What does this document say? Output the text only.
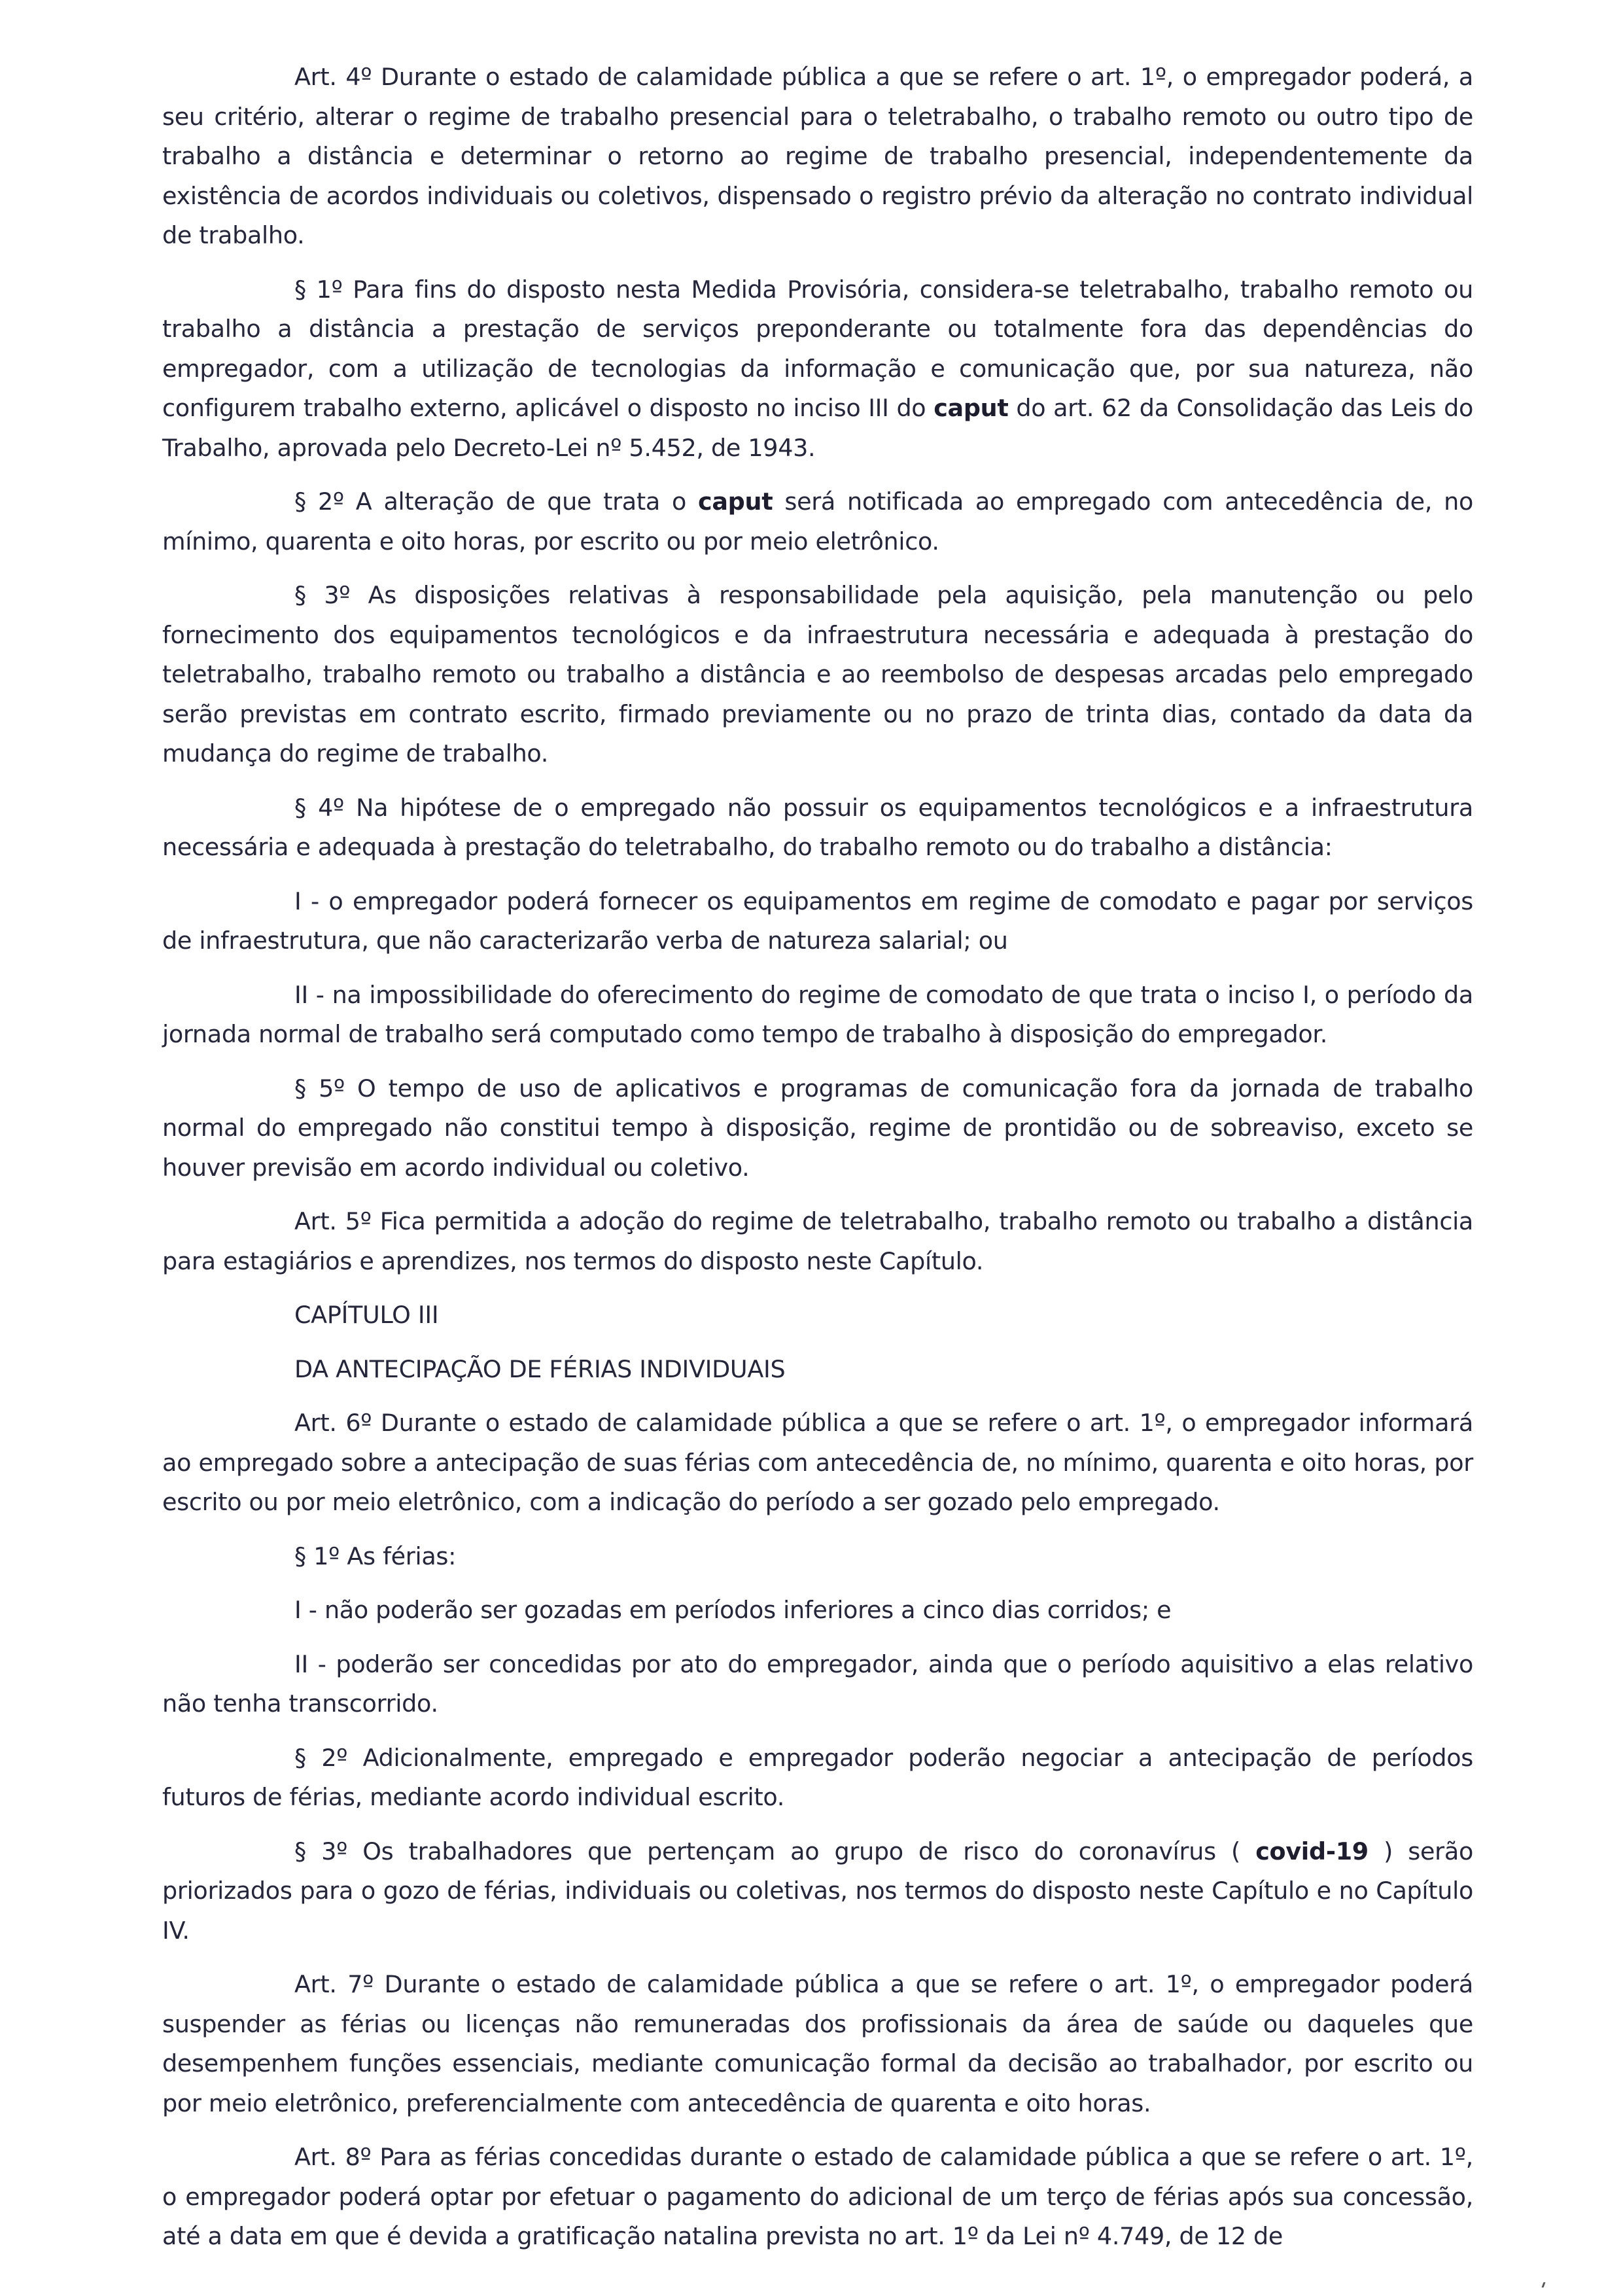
Art. 4º Durante o estado de calamidade pública a que se refere o art. 1º, o empregador poderá, a seu critério, alterar o regime de trabalho presencial para o teletrabalho, o trabalho remoto ou outro tipo de trabalho a distância e determinar o retorno ao regime de trabalho presencial, independentemente da existência de acordos individuais ou coletivos, dispensado o registro prévio da alteração no contrato individual de trabalho.

§ 1º Para fins do disposto nesta Medida Provisória, considera-se teletrabalho, trabalho remoto ou trabalho a distância a prestação de serviços preponderante ou totalmente fora das dependências do empregador, com a utilização de tecnologias da informação e comunicação que, por sua natureza, não configurem trabalho externo, aplicável o disposto no inciso III do caput do art. 62 da Consolidação das Leis do Trabalho, aprovada pelo Decreto-Lei nº 5.452, de 1943.

§ 2º A alteração de que trata o caput será notificada ao empregado com antecedência de, no mínimo, quarenta e oito horas, por escrito ou por meio eletrônico.

§ 3º As disposições relativas à responsabilidade pela aquisição, pela manutenção ou pelo fornecimento dos equipamentos tecnológicos e da infraestrutura necessária e adequada à prestação do teletrabalho, trabalho remoto ou trabalho a distância e ao reembolso de despesas arcadas pelo empregado serão previstas em contrato escrito, firmado previamente ou no prazo de trinta dias, contado da data da mudança do regime de trabalho.

§ 4º Na hipótese de o empregado não possuir os equipamentos tecnológicos e a infraestrutura necessária e adequada à prestação do teletrabalho, do trabalho remoto ou do trabalho a distância:

I - o empregador poderá fornecer os equipamentos em regime de comodato e pagar por serviços de infraestrutura, que não caracterizarão verba de natureza salarial; ou

II - na impossibilidade do oferecimento do regime de comodato de que trata o inciso I, o período da jornada normal de trabalho será computado como tempo de trabalho à disposição do empregador.

§ 5º O tempo de uso de aplicativos e programas de comunicação fora da jornada de trabalho normal do empregado não constitui tempo à disposição, regime de prontidão ou de sobreaviso, exceto se houver previsão em acordo individual ou coletivo.

Art. 5º Fica permitida a adoção do regime de teletrabalho, trabalho remoto ou trabalho a distância para estagiários e aprendizes, nos termos do disposto neste Capítulo.

CAPÍTULO III

DA ANTECIPAÇÃO DE FÉRIAS INDIVIDUAIS

Art. 6º Durante o estado de calamidade pública a que se refere o art. 1º, o empregador informará ao empregado sobre a antecipação de suas férias com antecedência de, no mínimo, quarenta e oito horas, por escrito ou por meio eletrônico, com a indicação do período a ser gozado pelo empregado.

§ 1º As férias:

I - não poderão ser gozadas em períodos inferiores a cinco dias corridos; e

II - poderão ser concedidas por ato do empregador, ainda que o período aquisitivo a elas relativo não tenha transcorrido.

§ 2º Adicionalmente, empregado e empregador poderão negociar a antecipação de períodos futuros de férias, mediante acordo individual escrito.

§ 3º Os trabalhadores que pertençam ao grupo de risco do coronavírus ( covid-19 ) serão priorizados para o gozo de férias, individuais ou coletivas, nos termos do disposto neste Capítulo e no Capítulo IV.

Art. 7º Durante o estado de calamidade pública a que se refere o art. 1º, o empregador poderá suspender as férias ou licenças não remuneradas dos profissionais da área de saúde ou daqueles que desempenhem funções essenciais, mediante comunicação formal da decisão ao trabalhador, por escrito ou por meio eletrônico, preferencialmente com antecedência de quarenta e oito horas.

Art. 8º Para as férias concedidas durante o estado de calamidade pública a que se refere o art. 1º, o empregador poderá optar por efetuar o pagamento do adicional de um terço de férias após sua concessão, até a data em que é devida a gratificação natalina prevista no art. 1º da Lei nº 4.749, de 12 de
